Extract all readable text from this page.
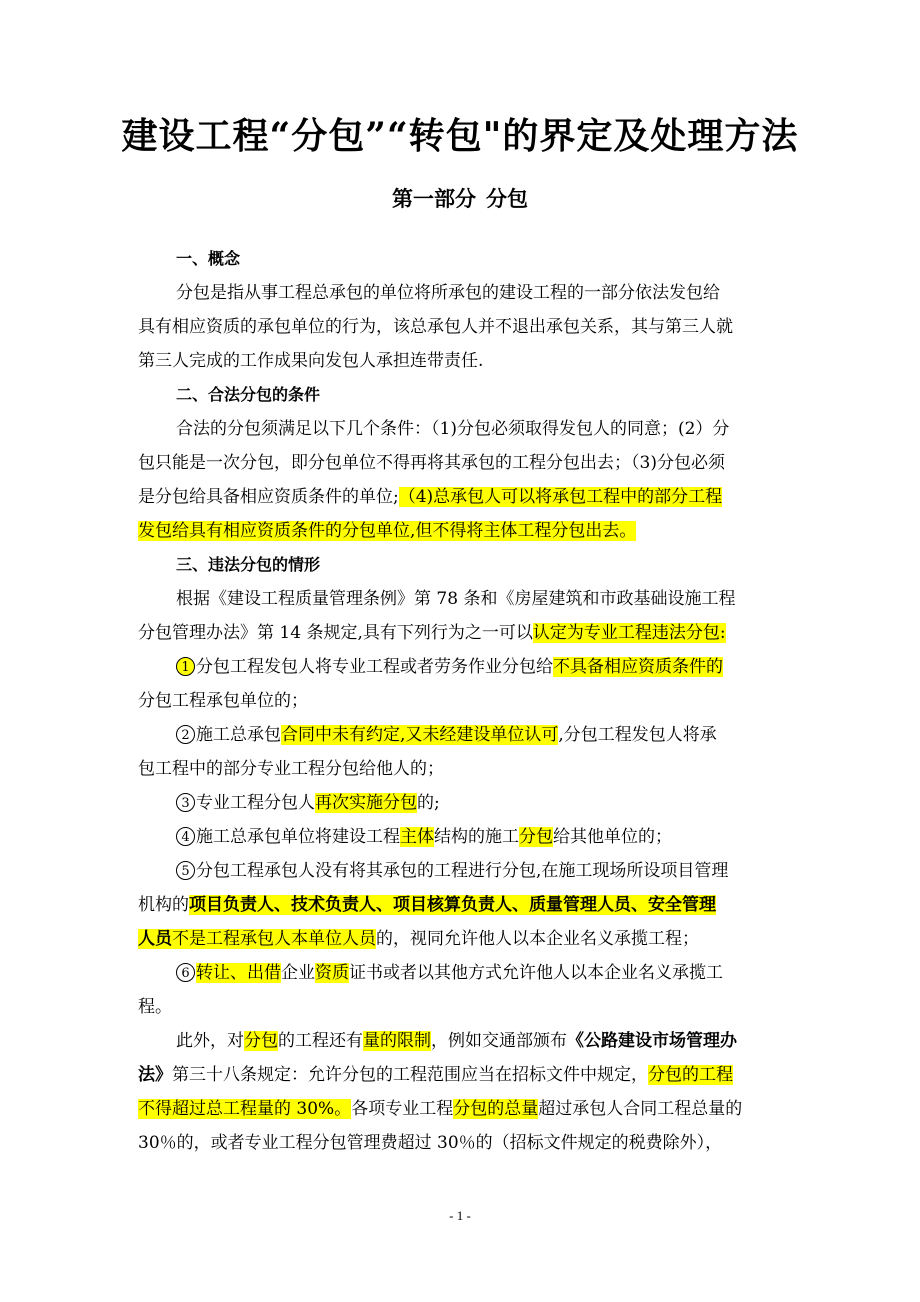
建设工程“分包”“转包"的界定及处理方法
第一部分 分包
一、概念
分包是指从事工程总承包的单位将所承包的建设工程的一部分依法发包给
具有相应资质的承包单位的行为，该总承包人并不退出承包关系，其与第三人就
第三人完成的工作成果向发包人承担连带责任.
二、合法分包的条件
合法的分包须满足以下几个条件：（1)分包必须取得发包人的同意；(2）分
包只能是一次分包，即分包单位不得再将其承包的工程分包出去；（3)分包必须
是分包给具备相应资质条件的单位;（4)总承包人可以将承包工程中的部分工程
发包给具有相应资质条件的分包单位,但不得将主体工程分包出去。
三、违法分包的情形
根据《建设工程质量管理条例》第 78 条和《房屋建筑和市政基础设施工程
分包管理办法》第 14 条规定,具有下列行为之一可以认定为专业工程违法分包:
1 分包工程发包人将专业工程或者劳务作业分包给不具备相应资质条件的
分包工程承包单位的；
2 施工总承包合同中未有约定,又未经建设单位认可,分包工程发包人将承
包工程中的部分专业工程分包给他人的；
3 专业工程分包人再次实施分包的;
4 施工总承包单位将建设工程主体结构的施工分包给其他单位的；
5 分包工程承包人没有将其承包的工程进行分包,在施工现场所设项目管理
机构的项目负责人、技术负责人、项目核算负责人、质量管理人员、安全管理
人员不是工程承包人本单位人员的，视同允许他人以本企业名义承揽工程；
6 转让、出借企业资质证书或者以其他方式允许他人以本企业名义承揽工
程。
此外，对分包的工程还有量的限制，例如交通部颁布《公路建设市场管理办
法》第三十八条规定：允许分包的工程范围应当在招标文件中规定，分包的工程
不得超过总工程量的 30%。各项专业工程分包的总量超过承包人合同工程总量的
30％的，或者专业工程分包管理费超过 30％的（招标文件规定的税费除外），
- 1 -
